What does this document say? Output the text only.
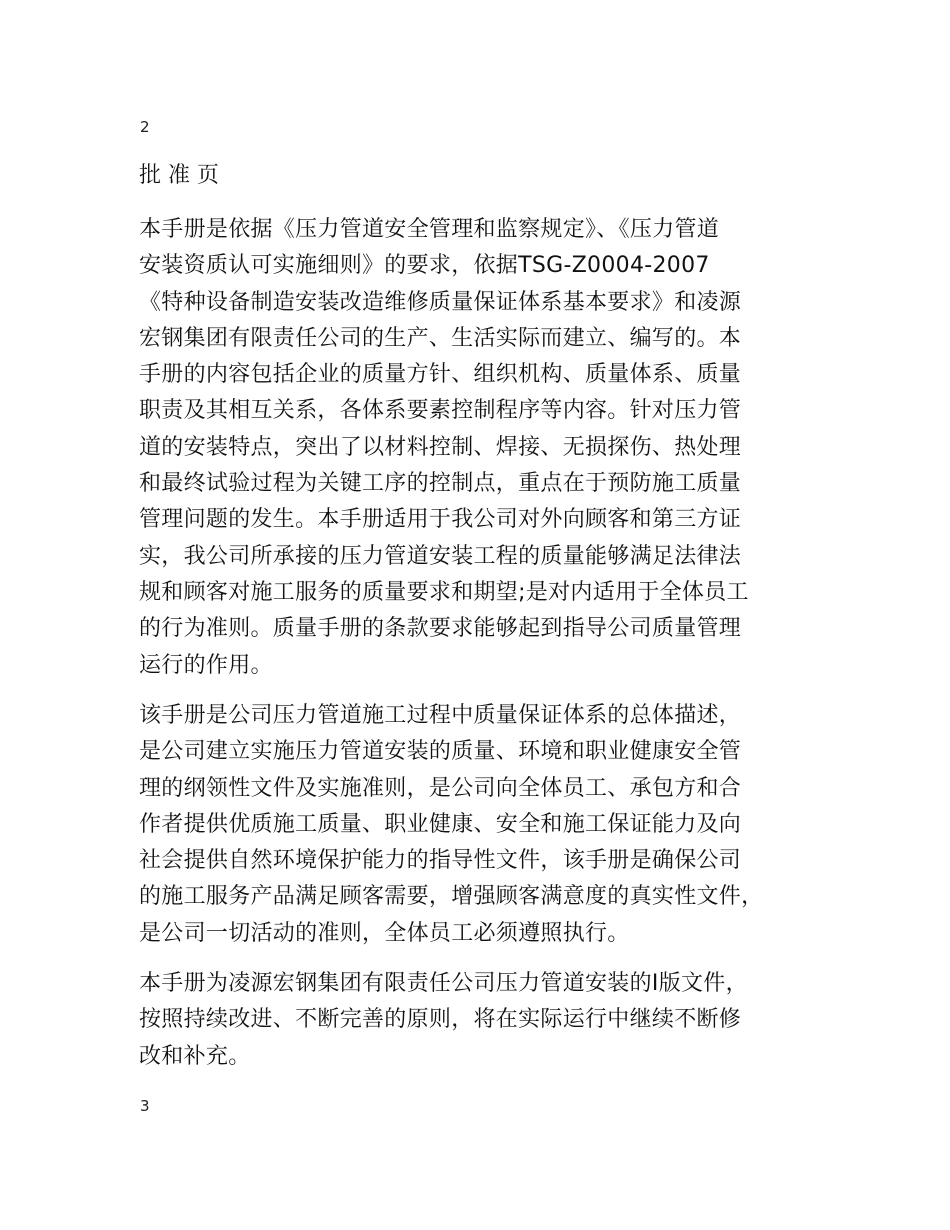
2
批准页

本手册是依据《压力管道安全管理和监察规定》、《压力管道
安装资质认可实施细则》的要求，依据TSG-Z0004-2007
《特种设备制造安装改造维修质量保证体系基本要求》和凌源
宏钢集团有限责任公司的生产、生活实际而建立、编写的。本
手册的内容包括企业的质量方针、组织机构、质量体系、质量
职责及其相互关系，各体系要素控制程序等内容。针对压力管
道的安装特点，突出了以材料控制、焊接、无损探伤、热处理
和最终试验过程为关键工序的控制点，重点在于预防施工质量
管理问题的发生。本手册适用于我公司对外向顾客和第三方证
实，我公司所承接的压力管道安装工程的质量能够满足法律法
规和顾客对施工服务的质量要求和期望;是对内适用于全体员工
的行为准则。质量手册的条款要求能够起到指导公司质量管理
运行的作用。

该手册是公司压力管道施工过程中质量保证体系的总体描述，
是公司建立实施压力管道安装的质量、环境和职业健康安全管
理的纲领性文件及实施准则，是公司向全体员工、承包方和合
作者提供优质施工质量、职业健康、安全和施工保证能力及向
社会提供自然环境保护能力的指导性文件，该手册是确保公司
的施工服务产品满足顾客需要，增强顾客满意度的真实性文件，
是公司一切活动的准则，全体员工必须遵照执行。

本手册为凌源宏钢集团有限责任公司压力管道安装的Ⅰ版文件，
按照持续改进、不断完善的原则，将在实际运行中继续不断修
改和补充。

3
